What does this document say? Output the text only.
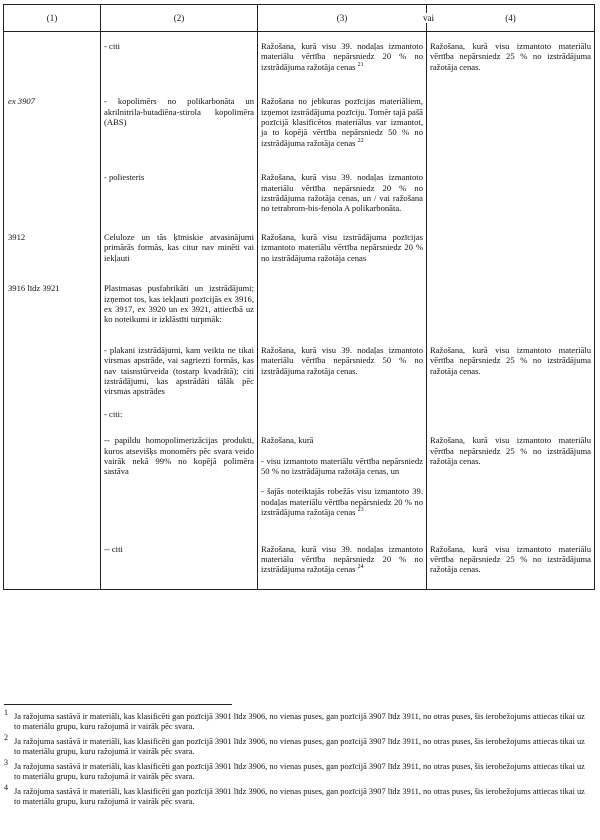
(1)	(2)	(3) vai	(4)

	- citi	Ražošana, kurā visu 39. nodaļas izmantoto materiālu vērtība nepārsniedz 20 % no izstrādājuma ražotāja cenas $^{21}$	Ražošana, kurā visu izmantoto materiālu vērtība nepārsniedz 25 % no izstrādājuma ražotāja cenas.

ex 3907	- kopolimērs no polikarbonāta un akrilnitrila-butadiēna-stirola kopolimēra (ABS)	Ražošana no jebkuras pozīcijas materiāliem, izņemot izstrādājuma pozīciju. Tomēr tajā pašā pozīcijā klasificētos materiālus var izmantot, ja to kopējā vērtība nepārsniedz 50 % no izstrādājuma ražotāja cenas $^{22}$

	- poliesteris	Ražošana, kurā visu 39. nodaļas izmantoto materiālu vērtība nepārsniedz 20 % no izstrādājuma ražotāja cenas, un / vai ražošana no tetrabrom-bis-fenola A polikarbonāta.	

3912	Celuloze un tās ķīmiskie atvasinājumi primārās formās, kas citur nav minēti vai iekļauti	Ražošana, kurā visu izstrādājuma pozīcijas izmantoto materiālu vērtība nepārsniedz 20 % no izstrādājuma ražotāja cenas	

3916 līdz 3921	Plastmasas pusfabrikāti un izstrādājumi; izņemot tos, kas iekļauti pozīcijās ex 3916, ex 3917, ex 3920 un ex 3921, attiecībā uz ko noteikumi ir izklāstīti turpmāk:		

	- plakani izstrādājumi, kam veikta ne tikai virsmas apstrāde, vai sagriezti formās, kas nav taisnstūrveida (tostarp kvadrātā); citi izstrādājumi, kas apstrādāti tālāk pēc virsmas apstrādes	Ražošana, kurā visu 39. nodaļas izmantoto materiālu vērtība nepārsniedz 50 % no izstrādājuma ražotāja cenas.	Ražošana, kurā visu izmantoto materiālu vērtība nepārsniedz 25 % no izstrādājuma ražotāja cenas.

	- citi:		

	-- papildu homopolimerizācijas produkti, kuros atsevišķs monomērs pēc svara veido vairāk nekā 99% no kopējā polimēra sastāva	Ražošana, kurā

- visu izmantoto materiālu vērtība nepārsniedz 50 % no izstrādājuma ražotāja cenas, un

- šajās noteiktajās robežās visu izmantoto 39. nodaļas materiālu vērtība nepārsniedz 20 % no izstrādājuma ražotāja cenas $^{23}$	Ražošana, kurā visu izmantoto materiālu vērtība nepārsniedz 25 % no izstrādājuma ražotāja cenas.

	-- citi	Ražošana, kurā visu 39. nodaļas izmantoto materiālu vērtība nepārsniedz 20 % no izstrādājuma ražotāja cenas $^{24}$	Ražošana, kurā visu izmantoto materiālu vērtība nepārsniedz 25 % no izstrādājuma ražotāja cenas.

1 Ja ražojuma sastāvā ir materiāli, kas klasificēti gan pozīcijā 3901 līdz 3906, no vienas puses, gan pozīcijā 3907 līdz 3911, no otras puses, šis ierobežojums attiecas tikai uz to materiālu grupu, kuru ražojumā ir vairāk pēc svara.

2 Ja ražojuma sastāvā ir materiāli, kas klasificēti gan pozīcijā 3901 līdz 3906, no vienas puses, gan pozīcijā 3907 līdz 3911, no otras puses, šis ierobežojums attiecas tikai uz to materiālu grupu, kuru ražojumā ir vairāk pēc svara.

3 Ja ražojuma sastāvā ir materiāli, kas klasificēti gan pozīcijā 3901 līdz 3906, no vienas puses, gan pozīcijā 3907 līdz 3911, no otras puses, šis ierobežojums attiecas tikai uz to materiālu grupu, kuru ražojumā ir vairāk pēc svara.

4 Ja ražojuma sastāvā ir materiāli, kas klasificēti gan pozīcijā 3901 līdz 3906, no vienas puses, gan pozīcijā 3907 līdz 3911, no otras puses, šis ierobežojums attiecas tikai uz to materiālu grupu, kuru ražojumā ir vairāk pēc svara.
